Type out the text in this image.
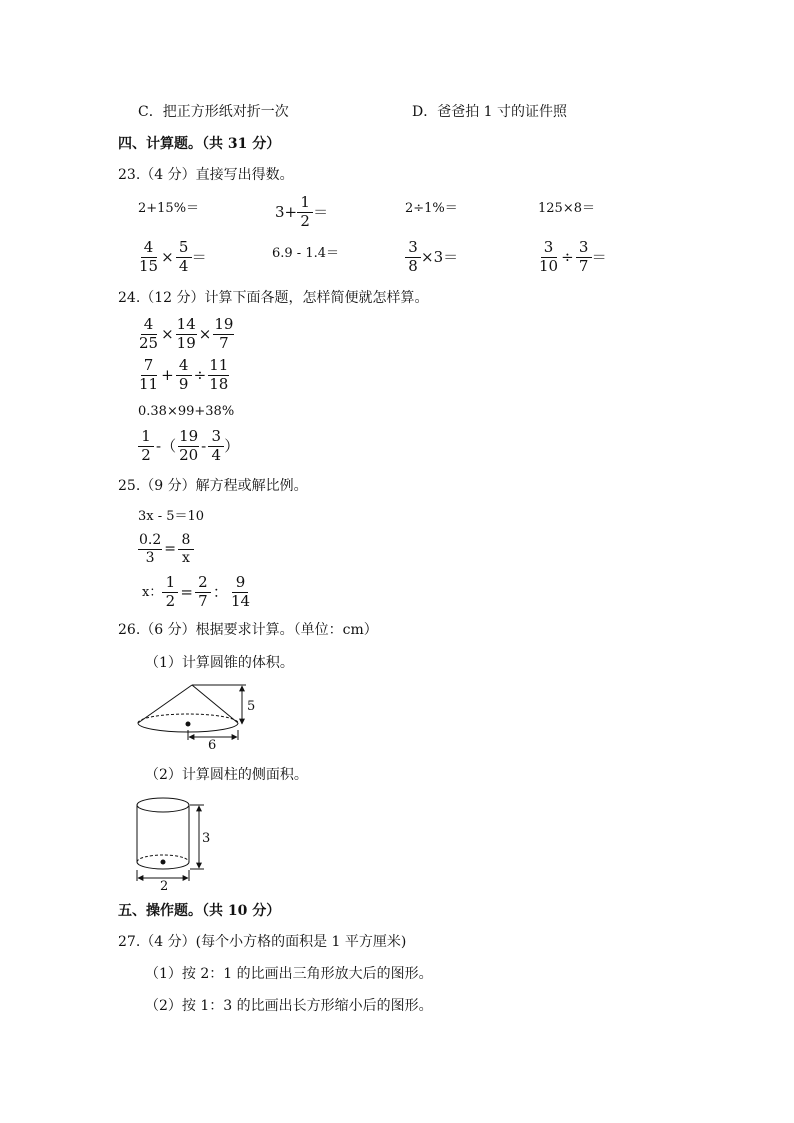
C．把正方形纸对折一次	D．爸爸拍 1 寸的证件照
四、计算题。（共 31 分）
23.（4 分）直接写出得数。
2+15%＝	$3+ \frac{1}{2}$ ＝	2÷1%＝	125×8＝
$\frac{4}{15} \times \frac{5}{4}$ ＝	6.9 - 1.4＝	$\frac{3}{8} \times 3=$	$\frac{3}{10} \div \frac{3}{7}$ ＝
24.（12 分）计算下面各题，怎样简便就怎样算。
$\frac{4}{25} \times \frac{14}{19} \times \frac{19}{7}$
$\frac{7}{11} + \frac{4}{9} \div \frac{11}{18}$
0.38×99+38%
$\frac{1}{2}$ -（ $\frac{19}{20} - \frac{3}{4}$ ）
25.（9 分）解方程或解比例。
3x - 5＝10
$\frac{0.2}{3} = \frac{8}{x}$
x： $\frac{1}{2} = \frac{2}{7}$ ： $\frac{9}{14}$
26.（6 分）根据要求计算。（单位：cm）
（1）计算圆锥的体积。
5
6
（2）计算圆柱的侧面积。
3
2
五、操作题。（共 10 分）
27.（4 分）(每个小方格的面积是 1 平方厘米)
（1）按 2：1 的比画出三角形放大后的图形。
（2）按 1：3 的比画出长方形缩小后的图形。
